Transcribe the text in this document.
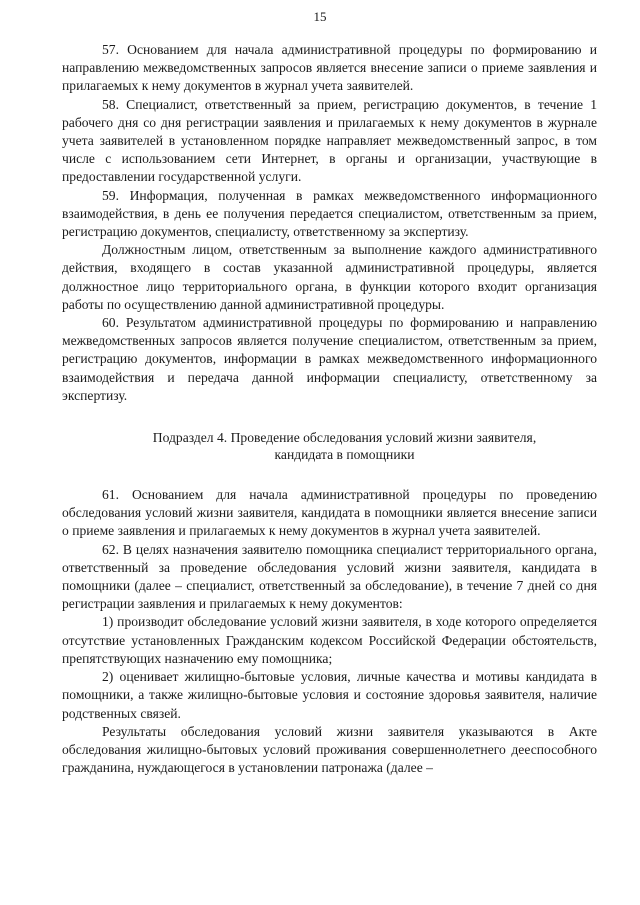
15

57. Основанием для начала административной процедуры по формированию и направлению межведомственных запросов является внесение записи о приеме заявления и прилагаемых к нему документов в журнал учета заявителей.

58. Специалист, ответственный за прием, регистрацию документов, в течение 1 рабочего дня со дня регистрации заявления и прилагаемых к нему документов в журнале учета заявителей в установленном порядке направляет межведомственный запрос, в том числе с использованием сети Интернет, в органы и организации, участвующие в предоставлении государственной услуги.

59. Информация, полученная в рамках межведомственного информационного взаимодействия, в день ее получения передается специалистом, ответственным за прием, регистрацию документов, специалисту, ответственному за экспертизу.

Должностным лицом, ответственным за выполнение каждого административного действия, входящего в состав указанной административной процедуры, является должностное лицо территориального органа, в функции которого входит организация работы по осуществлению данной административной процедуры.

60. Результатом административной процедуры по формированию и направлению межведомственных запросов является получение специалистом, ответственным за прием, регистрацию документов, информации в рамках межведомственного информационного взаимодействия и передача данной информации специалисту, ответственному за экспертизу.

Подраздел 4. Проведение обследования условий жизни заявителя,
кандидата в помощники

61. Основанием для начала административной процедуры по проведению обследования условий жизни заявителя, кандидата в помощники является внесение записи о приеме заявления и прилагаемых к нему документов в журнал учета заявителей.

62. В целях назначения заявителю помощника специалист территориального органа, ответственный за проведение обследования условий жизни заявителя, кандидата в помощники (далее – специалист, ответственный за обследование), в течение 7 дней со дня регистрации заявления и прилагаемых к нему документов:

1) производит обследование условий жизни заявителя, в ходе которого определяется отсутствие установленных Гражданским кодексом Российской Федерации обстоятельств, препятствующих назначению ему помощника;

2) оценивает жилищно-бытовые условия, личные качества и мотивы кандидата в помощники, а также жилищно-бытовые условия и состояние здоровья заявителя, наличие родственных связей.

Результаты обследования условий жизни заявителя указываются в Акте обследования жилищно-бытовых условий проживания совершеннолетнего дееспособного гражданина, нуждающегося в установлении патронажа (далее –
